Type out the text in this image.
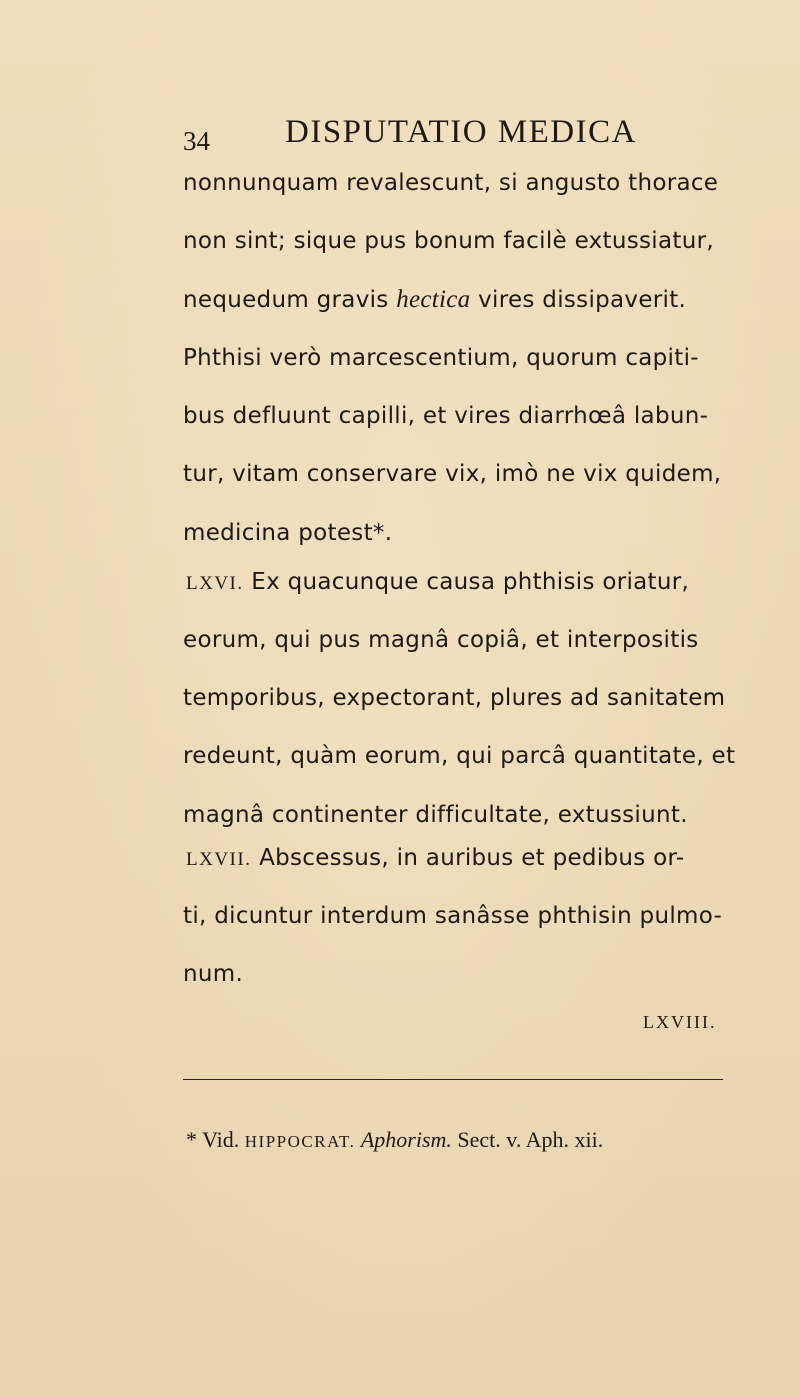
34 DISPUTATIO MEDICA
nonnunquam revalescunt, si angusto thorace
non sint; sique pus bonum facilè extussiatur,
nequedum gravis hectica vires dissipaverit.
Phthisi verò marcescentium, quorum capiti-
bus defluunt capilli, et vires diarrhœâ labun-
tur, vitam conservare vix, imò ne vix quidem,
medicina potest*.
LXVI. Ex quacunque causa phthisis oriatur,
eorum, qui pus magnâ copiâ, et interpositis
temporibus, expectorant, plures ad sanitatem
redeunt, quàm eorum, qui parcâ quantitate, et
magnâ continenter difficultate, extussiunt.
LXVII. Abscessus, in auribus et pedibus or-
ti, dicuntur interdum sanâsse phthisin pulmo-
num.
LXVIII.
* Vid. HIPPOCRAT. Aphorism. Sect. v. Aph. xii.
